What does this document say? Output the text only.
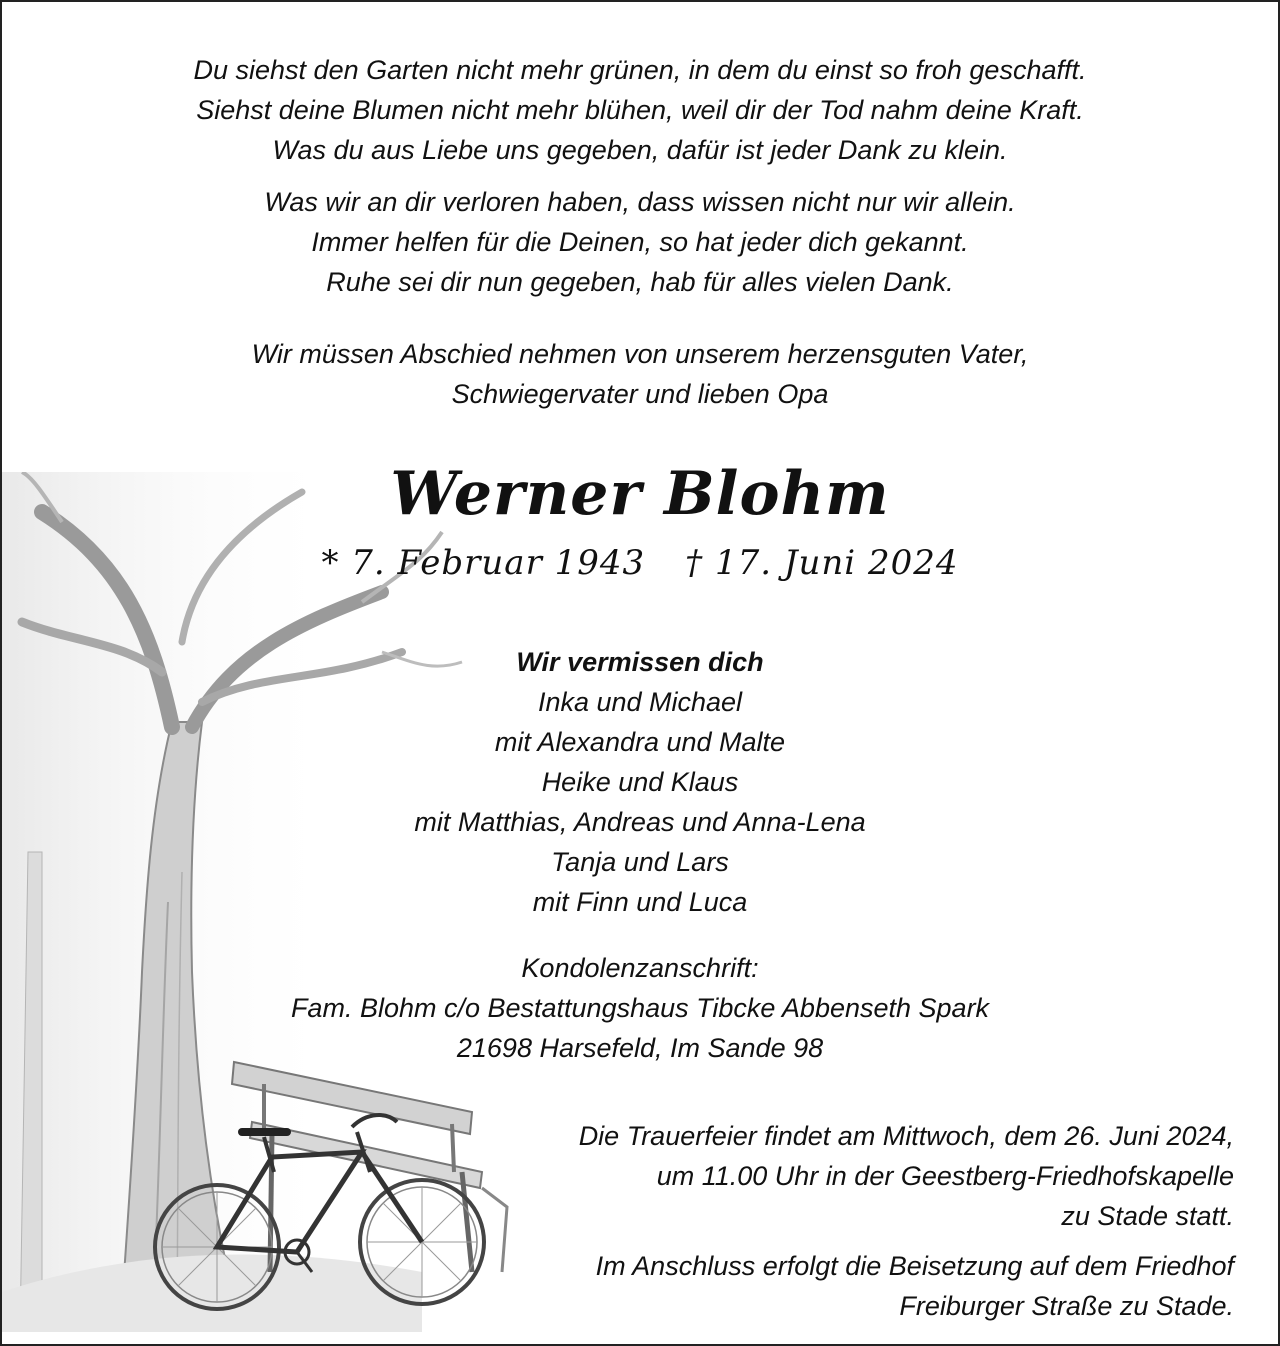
Du siehst den Garten nicht mehr grünen, in dem du einst so froh geschafft.
Siehst deine Blumen nicht mehr blühen, weil dir der Tod nahm deine Kraft.
Was du aus Liebe uns gegeben, dafür ist jeder Dank zu klein.
Was wir an dir verloren haben, dass wissen nicht nur wir allein.
Immer helfen für die Deinen, so hat jeder dich gekannt.
Ruhe sei dir nun gegeben, hab für alles vielen Dank.
Wir müssen Abschied nehmen von unserem herzensguten Vater,
Schwiegervater und lieben Opa
Werner Blohm
* 7. Februar 1943 † 17. Juni 2024
Wir vermissen dich
Inka und Michael
mit Alexandra und Malte
Heike und Klaus
mit Matthias, Andreas und Anna-Lena
Tanja und Lars
mit Finn und Luca
Kondolenzanschrift:
Fam. Blohm c/o Bestattungshaus Tibcke Abbenseth Spark
21698 Harsefeld, Im Sande 98
Die Trauerfeier findet am Mittwoch, dem 26. Juni 2024,
um 11.00 Uhr in der Geestberg-Friedhofskapelle
zu Stade statt.
Im Anschluss erfolgt die Beisetzung auf dem Friedhof
Freiburger Straße zu Stade.
